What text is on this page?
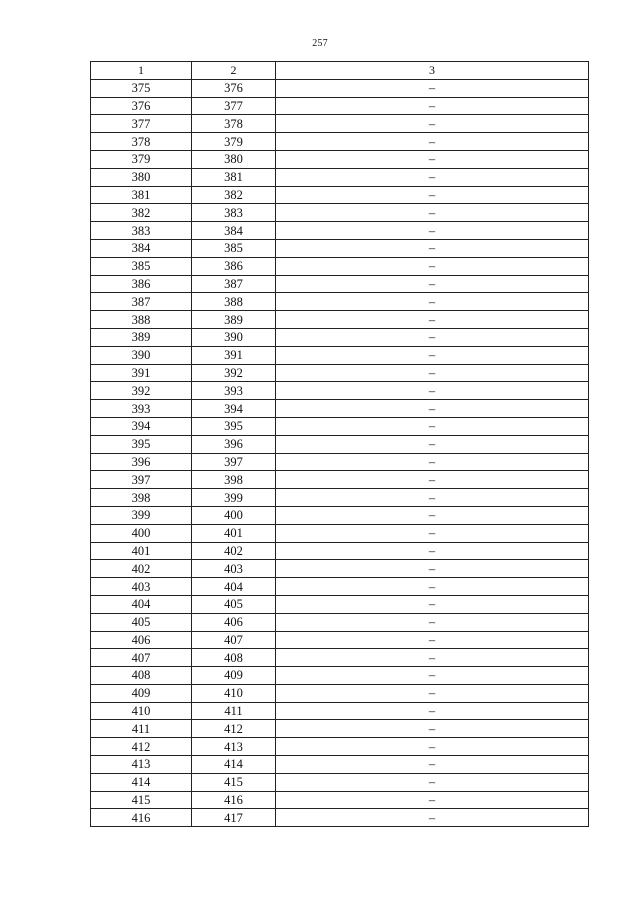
257
1	2	3
375	376	–
376	377	–
377	378	–
378	379	–
379	380	–
380	381	–
381	382	–
382	383	–
383	384	–
384	385	–
385	386	–
386	387	–
387	388	–
388	389	–
389	390	–
390	391	–
391	392	–
392	393	–
393	394	–
394	395	–
395	396	–
396	397	–
397	398	–
398	399	–
399	400	–
400	401	–
401	402	–
402	403	–
403	404	–
404	405	–
405	406	–
406	407	–
407	408	–
408	409	–
409	410	–
410	411	–
411	412	–
412	413	–
413	414	–
414	415	–
415	416	–
416	417	–
